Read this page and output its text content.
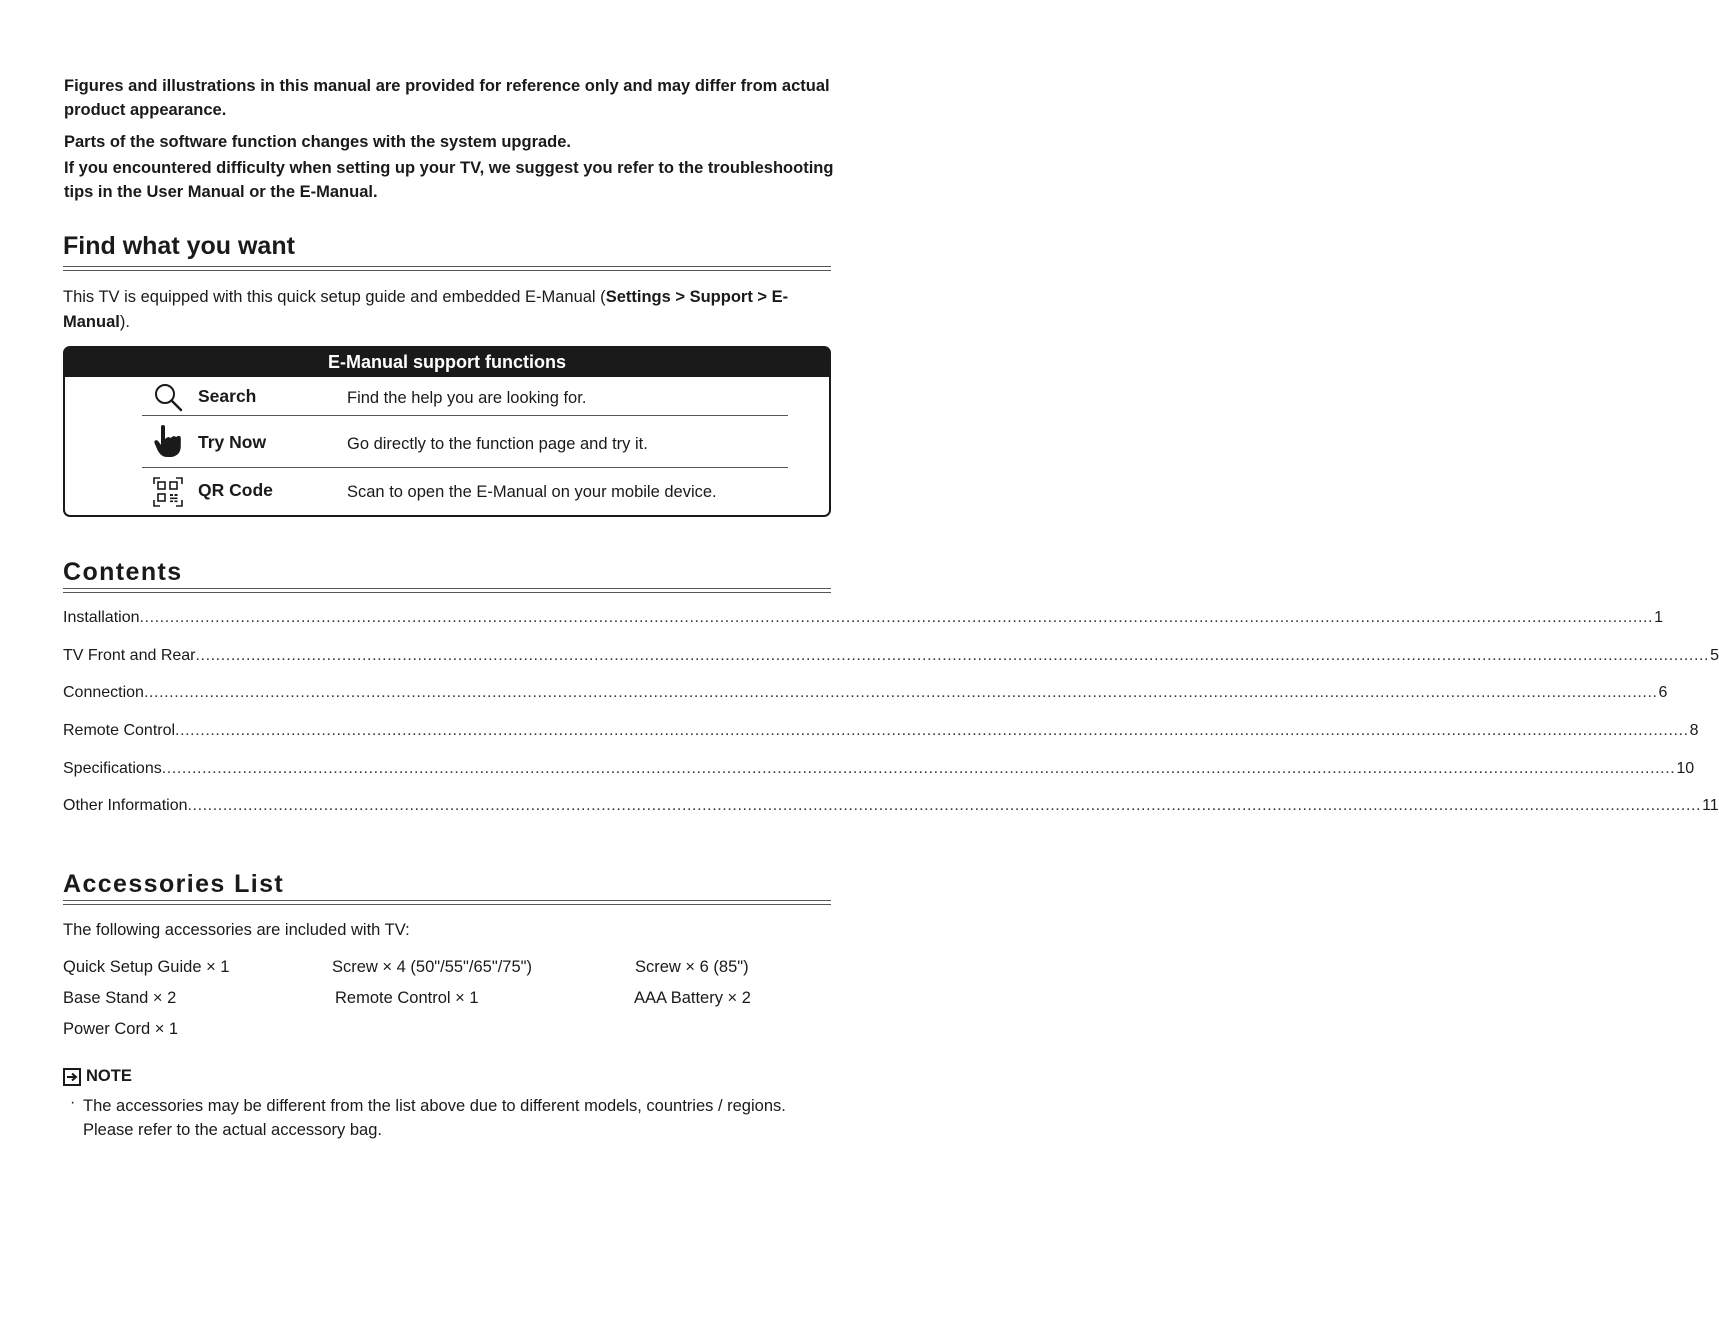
Figures and illustrations in this manual are provided for reference only and may differ from actual product appearance.
Parts of the software function changes with the system upgrade.
If you encountered difficulty when setting up your TV, we suggest you refer to the troubleshooting tips in the User Manual or the E-Manual.
Find what you want
This TV is equipped with this quick setup guide and embedded E-Manual (Settings > Support > E-Manual).
E-Manual support functions
Search	Find the help you are looking for.
Try Now	Go directly to the function page and try it.
QR Code	Scan to open the E-Manual on your mobile device.
Contents
Installation ............................................................................................................................................................................................................................................................................................................ 1
TV Front and Rear ............................................................................................................................................................................................................................................................................................................ 5
Connection ............................................................................................................................................................................................................................................................................................................ 6
Remote Control ............................................................................................................................................................................................................................................................................................................ 8
Specifications ............................................................................................................................................................................................................................................................................................................ 10
Other Information ............................................................................................................................................................................................................................................................................................................ 11
Accessories List
The following accessories are included with TV:
Quick Setup Guide × 1	Screw × 4 (50"/55"/65"/75")	Screw × 6 (85")
Base Stand × 2	Remote Control × 1	AAA Battery × 2
Power Cord × 1
NOTE
· The accessories may be different from the list above due to different models, countries / regions. Please refer to the actual accessory bag.
